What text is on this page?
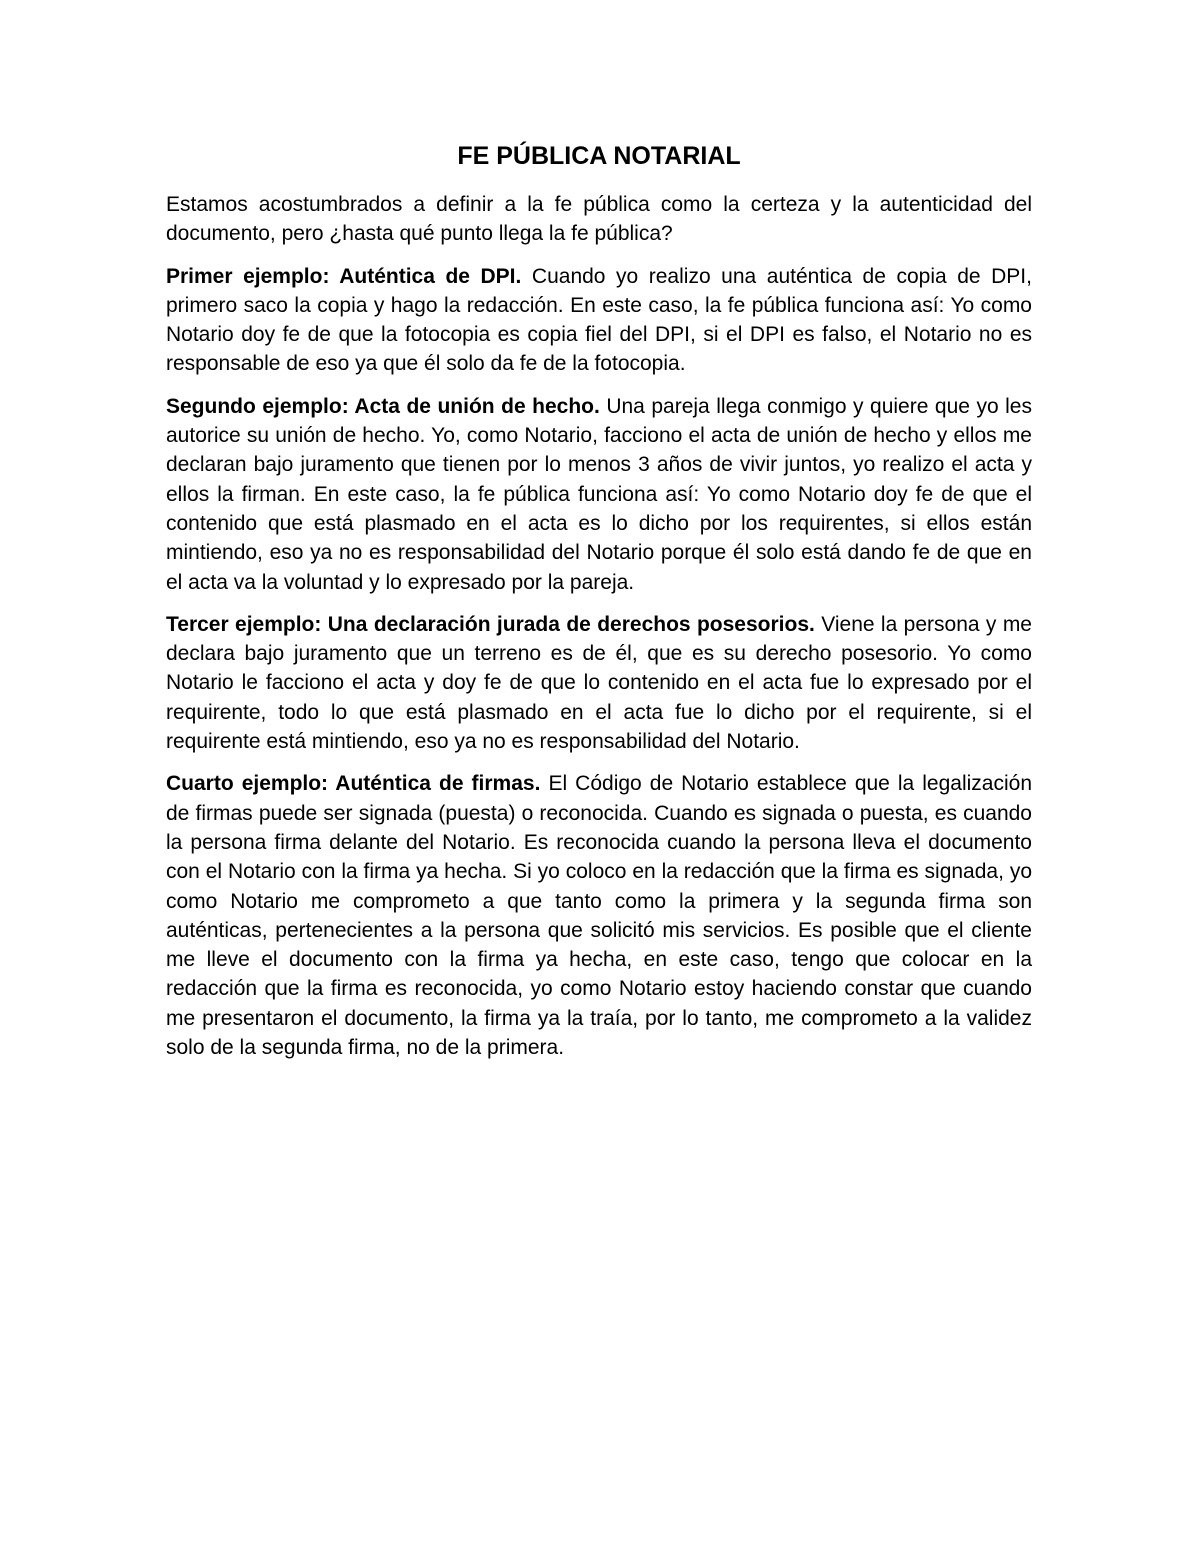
FE PÚBLICA NOTARIAL

Estamos acostumbrados a definir a la fe pública como la certeza y la autenticidad del documento, pero ¿hasta qué punto llega la fe pública?

Primer ejemplo: Auténtica de DPI. Cuando yo realizo una auténtica de copia de DPI, primero saco la copia y hago la redacción. En este caso, la fe pública funciona así: Yo como Notario doy fe de que la fotocopia es copia fiel del DPI, si el DPI es falso, el Notario no es responsable de eso ya que él solo da fe de la fotocopia.

Segundo ejemplo: Acta de unión de hecho. Una pareja llega conmigo y quiere que yo les autorice su unión de hecho. Yo, como Notario, facciono el acta de unión de hecho y ellos me declaran bajo juramento que tienen por lo menos 3 años de vivir juntos, yo realizo el acta y ellos la firman. En este caso, la fe pública funciona así: Yo como Notario doy fe de que el contenido que está plasmado en el acta es lo dicho por los requirentes, si ellos están mintiendo, eso ya no es responsabilidad del Notario porque él solo está dando fe de que en el acta va la voluntad y lo expresado por la pareja.

Tercer ejemplo: Una declaración jurada de derechos posesorios. Viene la persona y me declara bajo juramento que un terreno es de él, que es su derecho posesorio. Yo como Notario le facciono el acta y doy fe de que lo contenido en el acta fue lo expresado por el requirente, todo lo que está plasmado en el acta fue lo dicho por el requirente, si el requirente está mintiendo, eso ya no es responsabilidad del Notario.

Cuarto ejemplo: Auténtica de firmas. El Código de Notario establece que la legalización de firmas puede ser signada (puesta) o reconocida. Cuando es signada o puesta, es cuando la persona firma delante del Notario. Es reconocida cuando la persona lleva el documento con el Notario con la firma ya hecha. Si yo coloco en la redacción que la firma es signada, yo como Notario me comprometo a que tanto como la primera y la segunda firma son auténticas, pertenecientes a la persona que solicitó mis servicios. Es posible que el cliente me lleve el documento con la firma ya hecha, en este caso, tengo que colocar en la redacción que la firma es reconocida, yo como Notario estoy haciendo constar que cuando me presentaron el documento, la firma ya la traía, por lo tanto, me comprometo a la validez solo de la segunda firma, no de la primera.
